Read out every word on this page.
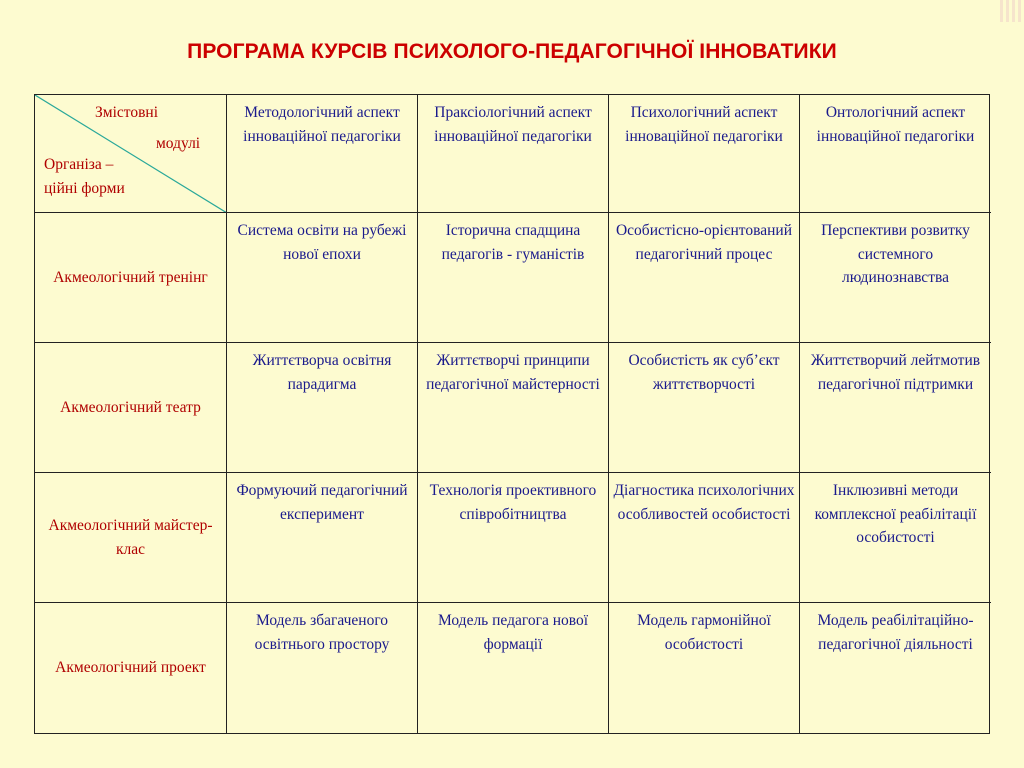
ПРОГРАМА КУРСІВ ПСИХОЛОГО-ПЕДАГОГІЧНОЇ ІННОВАТИКИ
Змістовні
модулі
Організа –
ційні форми
Методологічний аспект інноваційної педагогіки
Праксіологічний аспект інноваційної педагогіки
Психологічний аспект інноваційної педагогіки
Онтологічний аспект інноваційної педагогіки
Акмеологічний тренінг
Система освіти на рубежі нової епохи
Історична спадщина педагогів - гуманістів
Особистісно-орієнтований педагогічний процес
Перспективи розвитку системного людинознавства
Акмеологічний театр
Життєтворча освітня парадигма
Життєтворчі принципи педагогічної майстерності
Особистість як суб’єкт життєтворчості
Життєтворчий лейтмотив педагогічної підтримки
Акмеологічний майстер-клас
Формуючий педагогічний експеримент
Технологія проективного співробітництва
Діагностика психологічних особливостей особистості
Інклюзивні методи комплексної реабілітації особистості
Акмеологічний проект
Модель збагаченого освітнього простору
Модель педагога нової формації
Модель гармонійної особистості
Модель реабілітаційно-педагогічної діяльності
